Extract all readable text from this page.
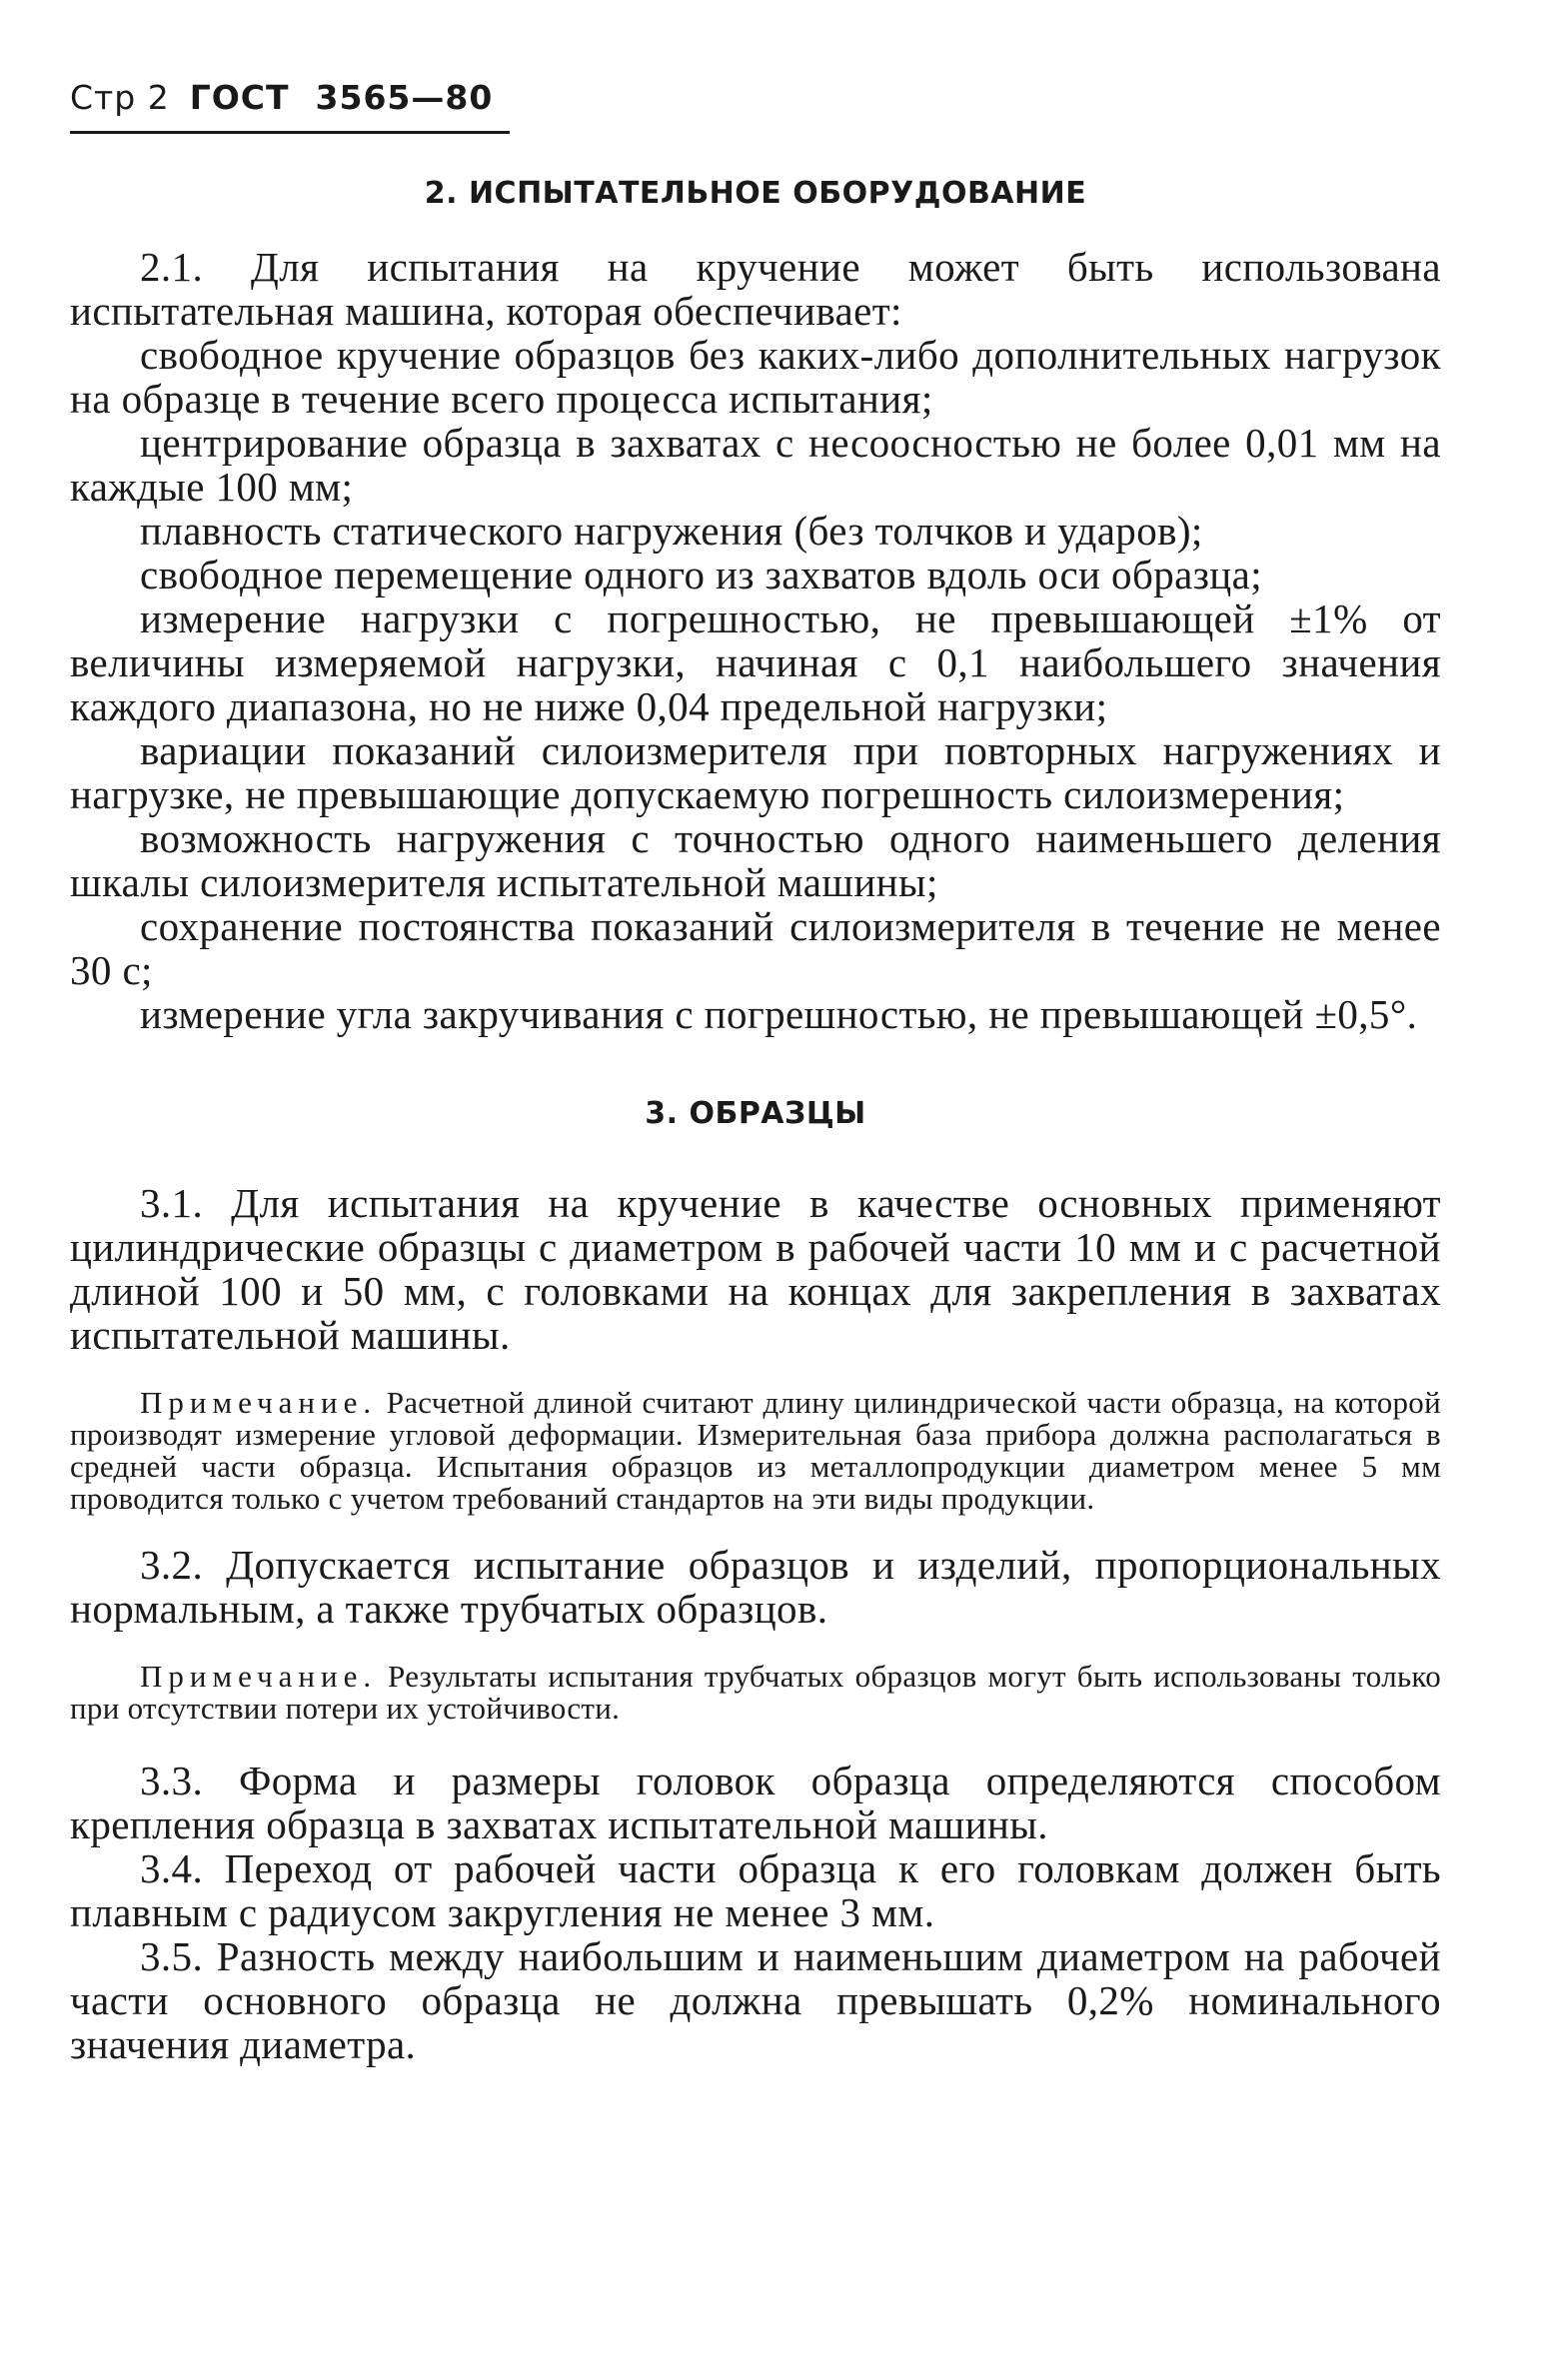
Стр 2 ГОСТ 3565—80
2. ИСПЫТАТЕЛЬНОЕ ОБОРУДОВАНИЕ

2.1. Для испытания на кручение может быть использована испытательная машина, которая обеспечивает:

свободное кручение образцов без каких-либо дополнительных нагрузок на образце в течение всего процесса испытания;

центрирование образца в захватах с несоосностью не более 0,01 мм на каждые 100 мм;

плавность статического нагружения (без толчков и ударов);

свободное перемещение одного из захватов вдоль оси образца;

измерение нагрузки с погрешностью, не превышающей ±1% от величины измеряемой нагрузки, начиная с 0,1 наибольшего значения каждого диапазона, но не ниже 0,04 предельной нагрузки;

вариации показаний силоизмерителя при повторных нагружениях и нагрузке, не превышающие допускаемую погрешность силоизмерения;

возможность нагружения с точностью одного наименьшего деления шкалы силоизмерителя испытательной машины;

сохранение постоянства показаний силоизмерителя в течение не менее 30 с;

измерение угла закручивания с погрешностью, не превышающей ±0,5°.

3. ОБРАЗЦЫ

3.1. Для испытания на кручение в качестве основных применяют цилиндрические образцы с диаметром в рабочей части 10 мм и с расчетной длиной 100 и 50 мм, с головками на концах для закрепления в захватах испытательной машины.

Примечание. Расчетной длиной считают длину цилиндрической части образца, на которой производят измерение угловой деформации. Измерительная база прибора должна располагаться в средней части образца. Испытания образцов из металлопродукции диаметром менее 5 мм проводится только с учетом требований стандартов на эти виды продукции.

3.2. Допускается испытание образцов и изделий, пропорциональных нормальным, а также трубчатых образцов.

Примечание. Результаты испытания трубчатых образцов могут быть использованы только при отсутствии потери их устойчивости.

3.3. Форма и размеры головок образца определяются способом крепления образца в захватах испытательной машины.

3.4. Переход от рабочей части образца к его головкам должен быть плавным с радиусом закругления не менее 3 мм.

3.5. Разность между наибольшим и наименьшим диаметром на рабочей части основного образца не должна превышать 0,2% номинального значения диаметра.
